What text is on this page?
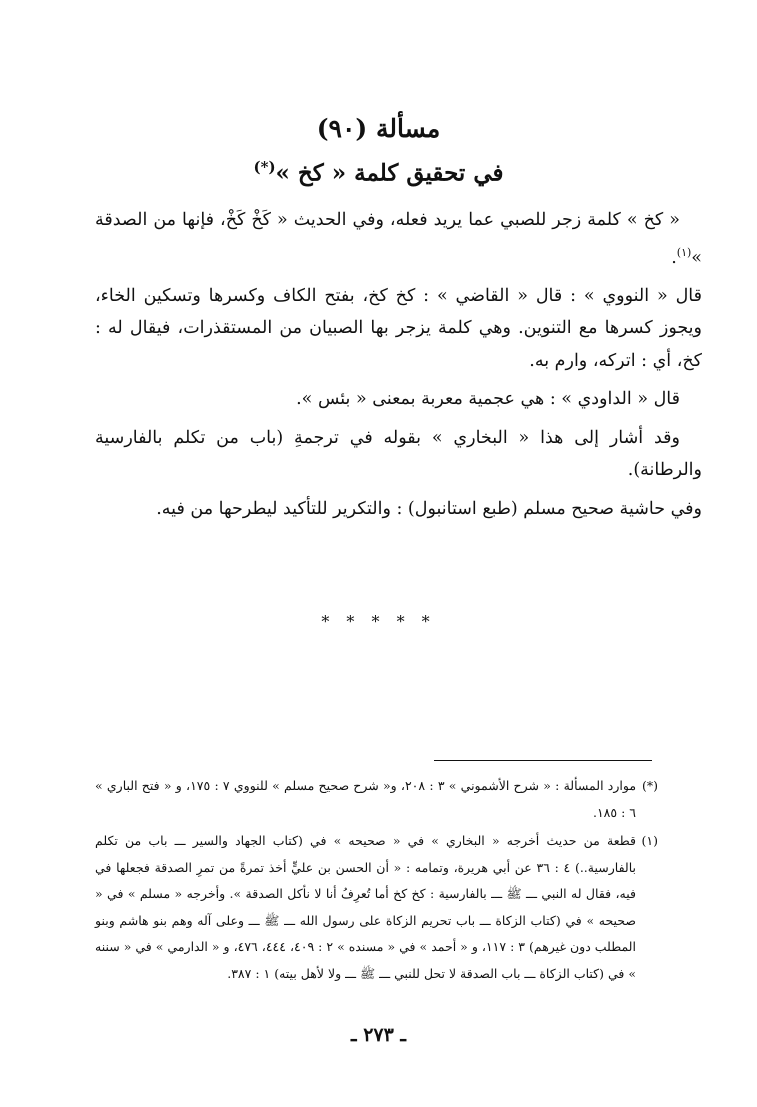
مسألة (٩٠)
في تحقيق كلمة « كخ »(*)

« كخ » كلمة زجر للصبي عما يريد فعله، وفي الحديث « كَخْ كَخْ، فإنها من الصدقة »$^{(١)}$.

قال « النووي » : قال « القاضي » : كخ كخ، بفتح الكاف وكسرها وتسكين الخاء، ويجوز كسرها مع التنوين. وهي كلمة يزجر بها الصبيان من المستقذرات، فيقال له : كخ، أي : اتركه، وارم به.

قال « الداودي » : هي عجمية معربة بمعنى « بئس ».

وقد أشار إلى هذا « البخاري » بقوله في ترجمةِ (باب من تكلم بالفارسية والرطانة).

وفي حاشية صحيح مسلم (طبع استانبول) : والتكرير للتأكيد ليطرحها من فيه.

* * * * *
(*)
موارد المسألة : « شرح الأشموني » ٣ : ٢٠٨، و« شرح صحيح مسلم » للنووي ٧ : ١٧٥، و « فتح الباري » ٦ : ١٨٥.
(١)
قطعة من حديث أخرجه « البخاري » في « صحيحه » في (كتاب الجهاد والسير ـــ باب من تكلم بالفارسية..) ٤ : ٣٦ عن أبي هريرة، وتمامه : « أن الحسن بن عليٍّ أخذ تمرةً من تمرِ الصدقة فجعلها في فيه، فقال له النبي ـــ ﷺ ـــ بالفارسية : كخ كخ أما تُعرِفُ أنا لا نأكل الصدقة ». وأخرجه « مسلم » في « صحيحه » في (كتاب الزكاة ـــ باب تحريم الزكاة على رسول الله ـــ ﷺ ـــ وعلى آله وهم بنو هاشم وبنو المطلب دون غيرهم) ٣ : ١١٧، و « أحمد » في « مسنده » ٢ : ٤٠٩، ٤٤٤، ٤٧٦، و « الدارمي » في « سننه » في (كتاب الزكاة ـــ باب الصدقة لا تحل للنبي ـــ ﷺ ـــ ولا لأهل بيته) ١ : ٣٨٧.
ـ ٢٧٣ ـ
